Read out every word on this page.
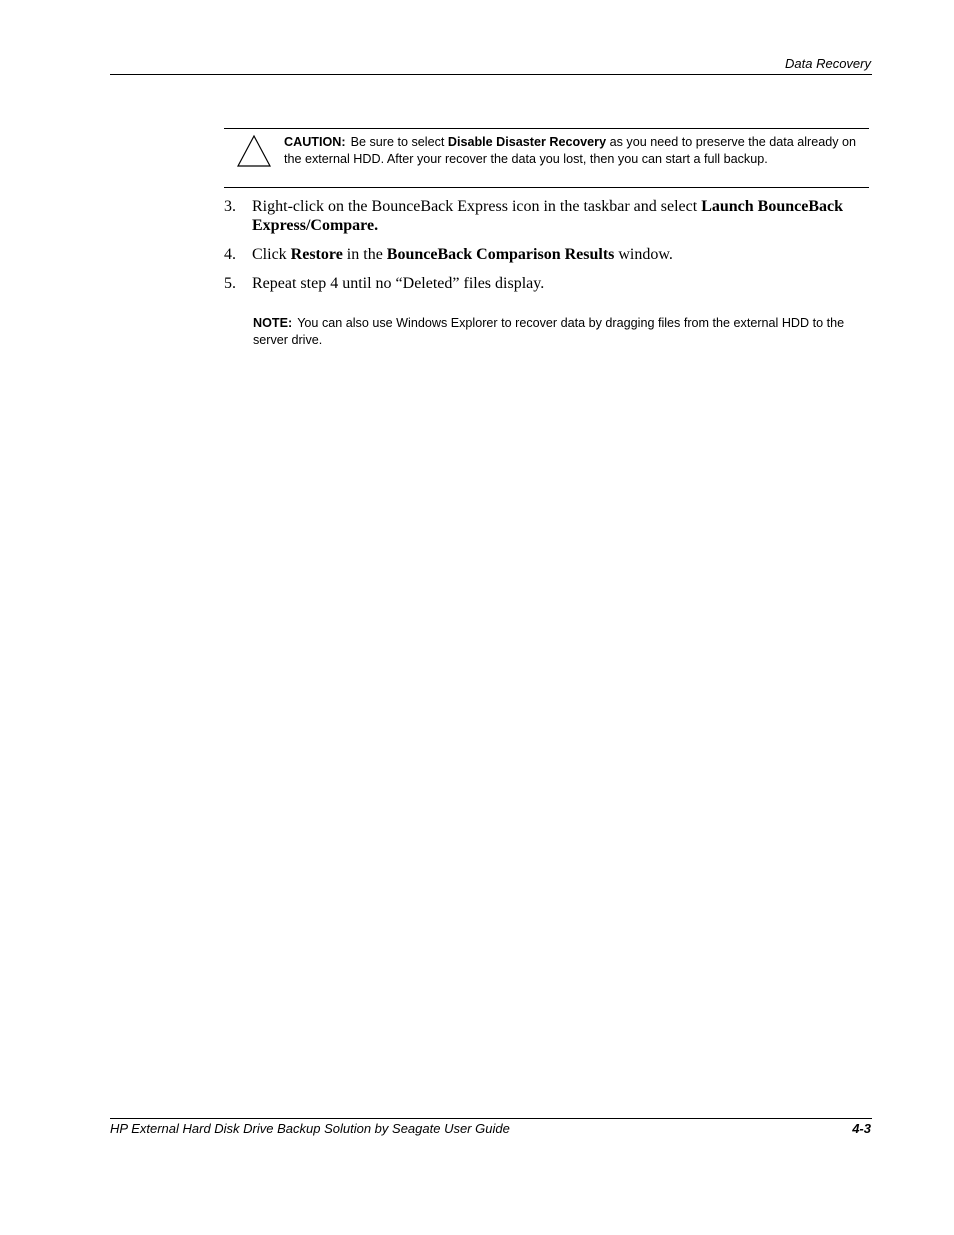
Data Recovery
CAUTION: Be sure to select Disable Disaster Recovery as you need to preserve the data already on the external HDD. After your recover the data you lost, then you can start a full backup.
3. Right-click on the BounceBack Express icon in the taskbar and select Launch BounceBack Express/Compare.
4. Click Restore in the BounceBack Comparison Results window.
5. Repeat step 4 until no “Deleted” files display.
NOTE: You can also use Windows Explorer to recover data by dragging files from the external HDD to the server drive.
HP External Hard Disk Drive Backup Solution by Seagate User Guide	4-3
